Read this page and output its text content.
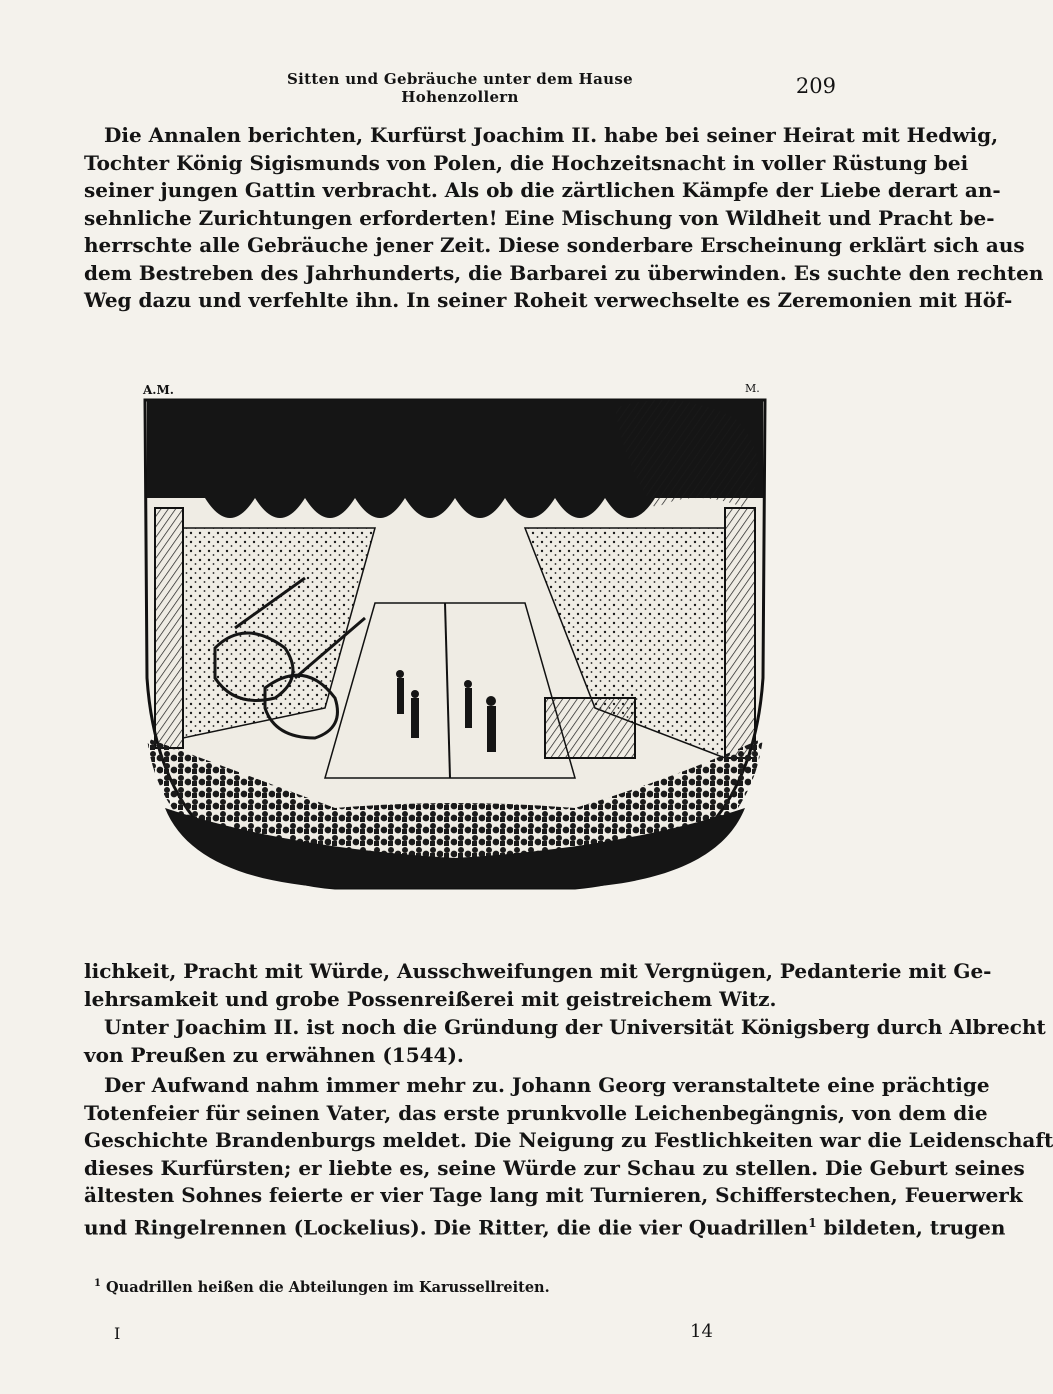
Sitten und Gebräuche unter dem Hause Hohenzollern	209
Die Annalen berichten, Kurfürst Joachim II. habe bei seiner Heirat mit Hedwig,
Tochter König Sigismunds von Polen, die Hochzeitsnacht in voller Rüstung bei
seiner jungen Gattin verbracht. Als ob die zärtlichen Kämpfe der Liebe derart an-
sehnliche Zurichtungen erforderten! Eine Mischung von Wildheit und Pracht be-
herrschte alle Gebräuche jener Zeit. Diese sonderbare Erscheinung erklärt sich aus
dem Bestreben des Jahrhunderts, die Barbarei zu überwinden. Es suchte den rechten
Weg dazu und verfehlte ihn. In seiner Roheit verwechselte es Zeremonien mit Höf-
A.M.	M.
lichkeit, Pracht mit Würde, Ausschweifungen mit Vergnügen, Pedanterie mit Ge-
lehrsamkeit und grobe Possenreißerei mit geistreichem Witz.
Unter Joachim II. ist noch die Gründung der Universität Königsberg durch Albrecht
von Preußen zu erwähnen (1544).
Der Aufwand nahm immer mehr zu. Johann Georg veranstaltete eine prächtige
Totenfeier für seinen Vater, das erste prunkvolle Leichenbegängnis, von dem die
Geschichte Brandenburgs meldet. Die Neigung zu Festlichkeiten war die Leidenschaft
dieses Kurfürsten; er liebte es, seine Würde zur Schau zu stellen. Die Geburt seines
ältesten Sohnes feierte er vier Tage lang mit Turnieren, Schifferstechen, Feuerwerk
und Ringelrennen (Lockelius). Die Ritter, die die vier Quadrillen$^1$ bildeten, trugen
$^1$ Quadrillen heißen die Abteilungen im Karussellreiten.
I	14
